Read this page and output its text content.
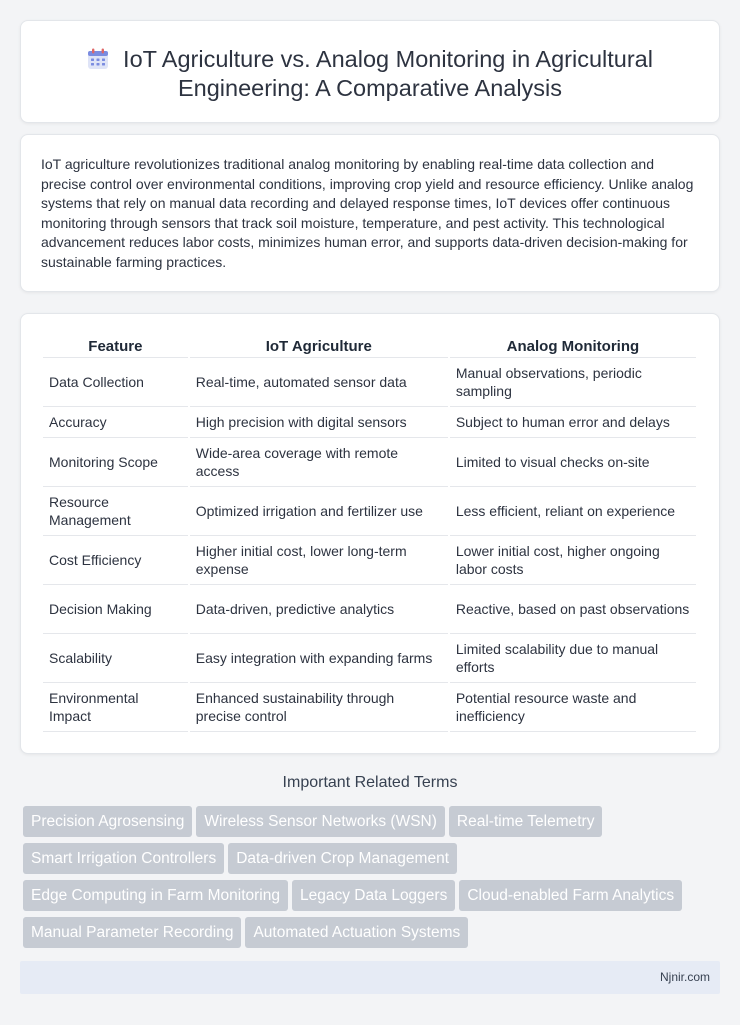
IoT Agriculture vs. Analog Monitoring in Agricultural Engineering: A Comparative Analysis

IoT agriculture revolutionizes traditional analog monitoring by enabling real-time data collection and precise control over environmental conditions, improving crop yield and resource efficiency. Unlike analog systems that rely on manual data recording and delayed response times, IoT devices offer continuous monitoring through sensors that track soil moisture, temperature, and pest activity. This technological advancement reduces labor costs, minimizes human error, and supports data-driven decision-making for sustainable farming practices.

Feature	IoT Agriculture	Analog Monitoring
Data Collection	Real-time, automated sensor data	Manual observations, periodic sampling
Accuracy	High precision with digital sensors	Subject to human error and delays
Monitoring Scope	Wide-area coverage with remote access	Limited to visual checks on-site
Resource Management	Optimized irrigation and fertilizer use	Less efficient, reliant on experience
Cost Efficiency	Higher initial cost, lower long-term expense	Lower initial cost, higher ongoing labor costs
Decision Making	Data-driven, predictive analytics	Reactive, based on past observations
Scalability	Easy integration with expanding farms	Limited scalability due to manual efforts
Environmental Impact	Enhanced sustainability through precise control	Potential resource waste and inefficiency
Important Related Terms
Precision Agrosensing Wireless Sensor Networks (WSN) Real-time Telemetry
Smart Irrigation Controllers Data-driven Crop Management
Edge Computing in Farm Monitoring Legacy Data Loggers Cloud-enabled Farm Analytics
Manual Parameter Recording Automated Actuation Systems
Njnir.com
